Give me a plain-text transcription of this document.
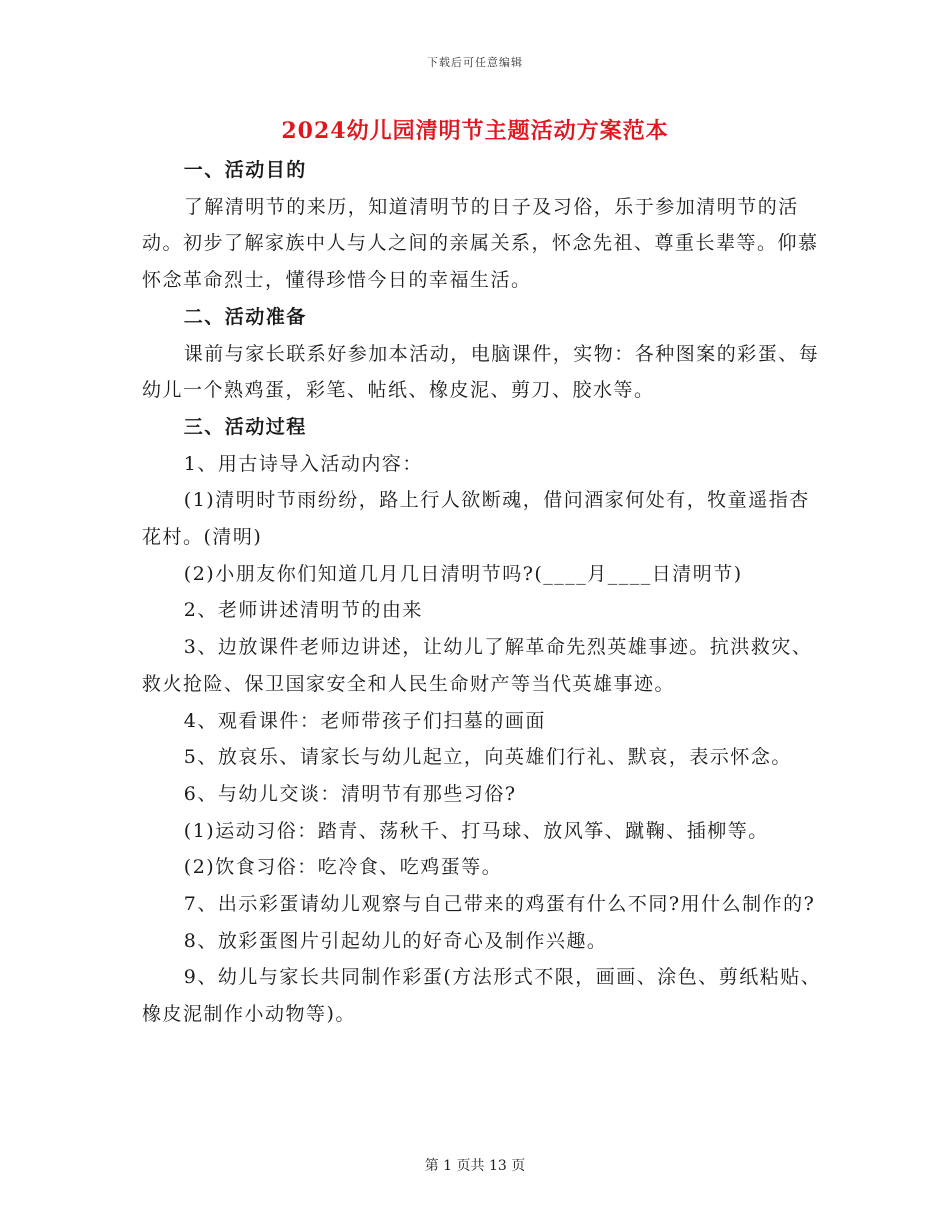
下载后可任意编辑
2024幼儿园清明节主题活动方案范本

一、活动目的

了解清明节的来历，知道清明节的日子及习俗，乐于参加清明节的活动。初步了解家族中人与人之间的亲属关系，怀念先祖、尊重长辈等。仰慕怀念革命烈士，懂得珍惜今日的幸福生活。

二、活动准备

课前与家长联系好参加本活动，电脑课件，实物：各种图案的彩蛋、每幼儿一个熟鸡蛋，彩笔、帖纸、橡皮泥、剪刀、胶水等。

三、活动过程

1、用古诗导入活动内容：

(1)清明时节雨纷纷，路上行人欲断魂，借问酒家何处有，牧童遥指杏花村。(清明)

(2)小朋友你们知道几月几日清明节吗?(____月____日清明节)

2、老师讲述清明节的由来

3、边放课件老师边讲述，让幼儿了解革命先烈英雄事迹。抗洪救灾、救火抢险、保卫国家安全和人民生命财产等当代英雄事迹。

4、观看课件：老师带孩子们扫墓的画面

5、放哀乐、请家长与幼儿起立，向英雄们行礼、默哀，表示怀念。

6、与幼儿交谈：清明节有那些习俗?

(1)运动习俗：踏青、荡秋千、打马球、放风筝、蹴鞠、插柳等。

(2)饮食习俗：吃冷食、吃鸡蛋等。

7、出示彩蛋请幼儿观察与自己带来的鸡蛋有什么不同?用什么制作的?

8、放彩蛋图片引起幼儿的好奇心及制作兴趣。

9、幼儿与家长共同制作彩蛋(方法形式不限，画画、涂色、剪纸粘贴、橡皮泥制作小动物等)。

第 1 页共 13 页
